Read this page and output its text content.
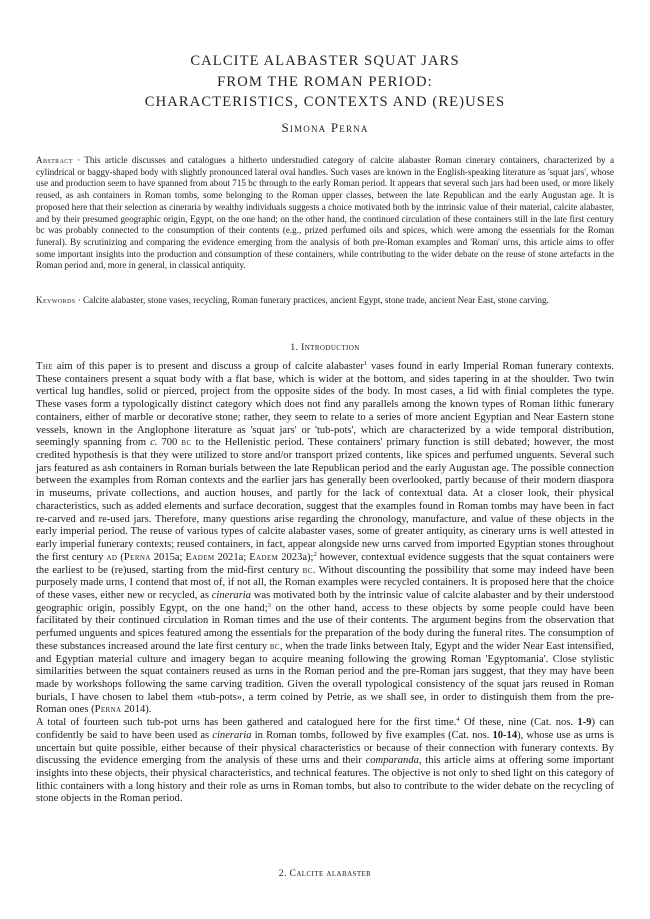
CALCITE ALABASTER SQUAT JARS
FROM THE ROMAN PERIOD:
CHARACTERISTICS, CONTEXTS AND (RE)USES
Simona Perna

Abstract · This article discusses and catalogues a hitherto understudied category of calcite alabaster Roman cinerary containers, characterized by a cylindrical or baggy-shaped body with slightly pronounced lateral oval handles. Such vases are known in the English-speaking literature as 'squat jars', whose use and production seem to have spanned from about 715 bc through to the early Roman period. It appears that several such jars had been used, or more likely reused, as ash containers in Roman tombs, some belonging to the Roman upper classes, between the late Republican and the early Augustan age. It is proposed here that their selection as cineraria by wealthy individuals suggests a choice motivated both by the intrinsic value of their material, calcite alabaster, and by their presumed geographic origin, Egypt, on the one hand; on the other hand, the continued circulation of these containers still in the late first century bc was probably connected to the consumption of their contents (e.g., prized perfumed oils and spices, which were among the essentials for the Roman funeral). By scrutinizing and comparing the evidence emerging from the analysis of both pre-Roman examples and 'Roman' urns, this article aims to offer some important insights into the production and consumption of these containers, while contributing to the wider debate on the reuse of stone artefacts in the Roman period and, more in general, in classical antiquity.

Keywords · Calcite alabaster, stone vases, recycling, Roman funerary practices, ancient Egypt, stone trade, ancient Near East, stone carving.

1. Introduction

The aim of this paper is to present and discuss a group of calcite alabaster$^1$ vases found in early Imperial Roman funerary contexts. These containers present a squat body with a flat base, which is wider at the bottom, and sides tapering in at the shoulder. Two twin vertical lug handles, solid or pierced, project from the opposite sides of the body. In most cases, a lid with finial completes the type. These vases form a typologically distinct category which does not find any parallels among the known types of Roman lithic funerary containers, either of marble or decorative stone; rather, they seem to relate to a series of more ancient Egyptian and Near Eastern stone vessels, known in the Anglophone literature as 'squat jars' or 'tub-pots', which are characterized by a wide temporal distribution, seemingly spanning from c. 700 bc to the Hellenistic period. These containers' primary function is still debated; however, the most credited hypothesis is that they were utilized to store and/or transport prized contents, like spices and perfumed unguents. Several such jars featured as ash containers in Roman burials between the late Republican period and the early Augustan age. The possible connection between the examples from Roman contexts and the earlier jars has generally been overlooked, partly because of their modern diaspora in museums, private collections, and auction houses, and partly for the lack of contextual data. At a closer look, their physical characteristics, such as added elements and surface decoration, suggest that the examples found in Roman tombs may have been in fact re-carved and re-used jars. Therefore, many questions arise regarding the chronology, manufacture, and value of these objects in the early imperial period. The reuse of various types of calcite alabaster vases, some of greater antiquity, as cinerary urns is well attested in early imperial funerary contexts; reused containers, in fact, appear alongside new urns carved from imported Egyptian stones throughout the first century ad (Perna 2015a; Eadem 2021a; Eadem 2023a);$^2$ however, contextual evidence suggests that the squat containers were the earliest to be (re)used, starting from the mid-first century bc. Without discounting the possibility that some may indeed have been purposely made urns, I contend that most of, if not all, the Roman examples were recycled containers. It is proposed here that the choice of these vases, either new or recycled, as cineraria was motivated both by the intrinsic value of calcite alabaster and by their understood geographic origin, possibly Egypt, on the one hand;$^3$ on the other hand, access to these objects by some people could have been facilitated by their continued circulation in Roman times and the use of their contents. The argument begins from the observation that perfumed unguents and spices featured among the essentials for the preparation of the body during the funeral rites. The consumption of these substances increased around the late first century bc, when the trade links between Italy, Egypt and the wider Near East intensified, and Egyptian material culture and imagery began to acquire meaning following the growing Roman 'Egyptomania'. Close stylistic similarities between the squat containers reused as urns in the Roman period and the pre-Roman jars suggest, that they may have been made by workshops following the same carving tradition. Given the overall typological consistency of the squat jars reused in Roman burials, I have chosen to label them «tub-pots», a term coined by Petrie, as we shall see, in order to distinguish them from the pre-Roman ones (Perna 2014).

A total of fourteen such tub-pot urns has been gathered and catalogued here for the first time.$^4$ Of these, nine (Cat. nos. 1-9) can confidently be said to have been used as cineraria in Roman tombs, followed by five examples (Cat. nos. 10-14), whose use as urns is uncertain but quite possible, either because of their physical characteristics or because of their connection with funerary contexts. By discussing the evidence emerging from the analysis of these urns and their comparanda, this article aims at offering some important insights into these objects, their physical characteristics, and technical features. The objective is not only to shed light on this category of lithic containers with a long history and their role as urns in Roman tombs, but also to contribute to the wider debate on the recycling of stone objects in the Roman period.

2. Calcite alabaster
